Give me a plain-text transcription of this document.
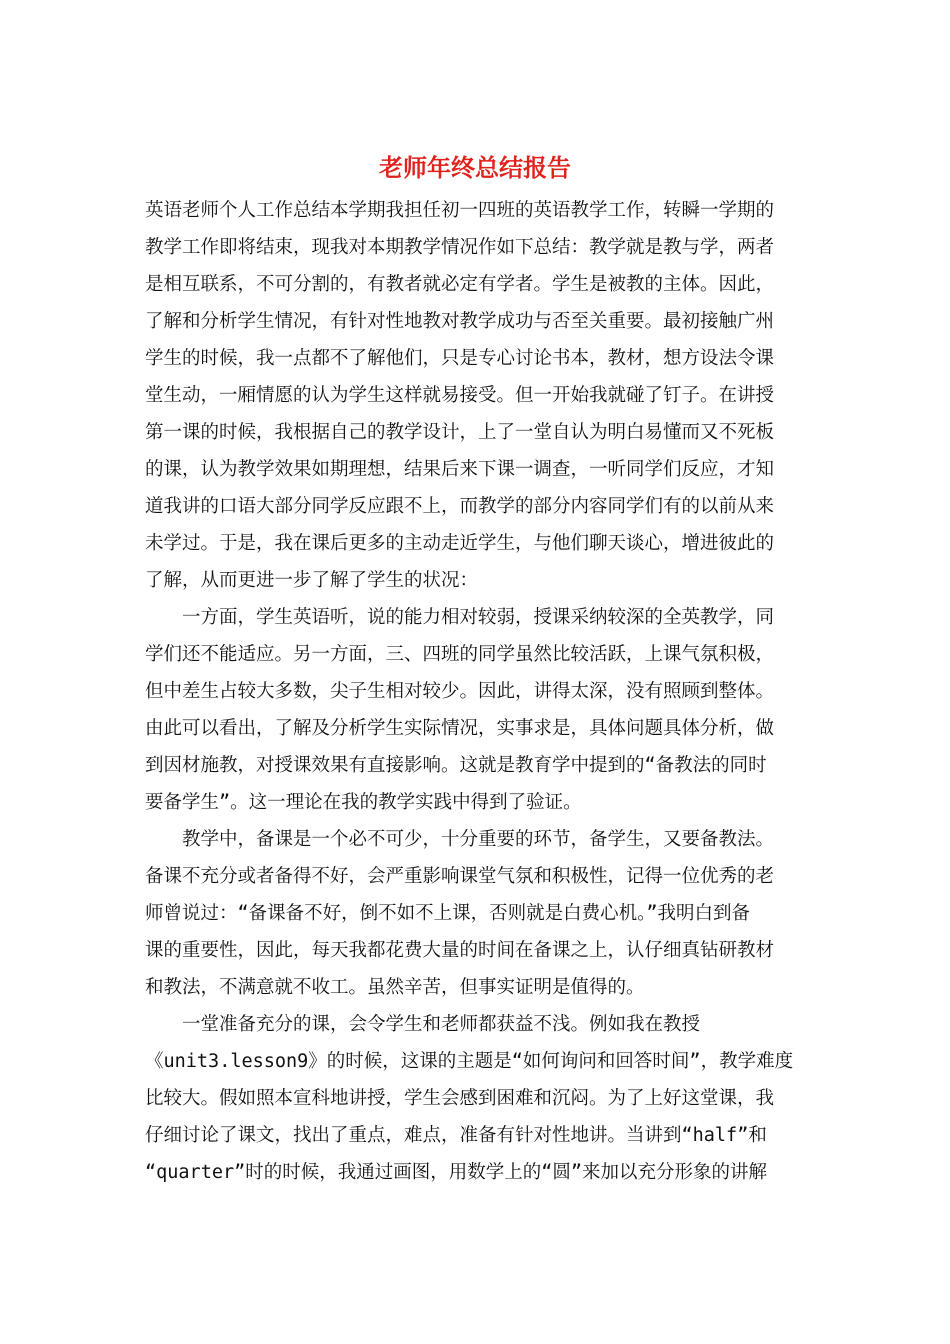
老师年终总结报告
英语老师个人工作总结本学期我担任初一四班的英语教学工作，转瞬一学期的
教学工作即将结束，现我对本期教学情况作如下总结：教学就是教与学，两者
是相互联系，不可分割的，有教者就必定有学者。学生是被教的主体。因此，
了解和分析学生情况，有针对性地教对教学成功与否至关重要。最初接触广州
学生的时候，我一点都不了解他们，只是专心讨论书本，教材，想方设法令课
堂生动，一厢情愿的认为学生这样就易接受。但一开始我就碰了钉子。在讲授
第一课的时候，我根据自己的教学设计，上了一堂自认为明白易懂而又不死板
的课，认为教学效果如期理想，结果后来下课一调查，一听同学们反应，才知
道我讲的口语大部分同学反应跟不上，而教学的部分内容同学们有的以前从来
未学过。于是，我在课后更多的主动走近学生，与他们聊天谈心，增进彼此的
了解，从而更进一步了解了学生的状况：
一方面，学生英语听，说的能力相对较弱，授课采纳较深的全英教学，同
学们还不能适应。另一方面，三、四班的同学虽然比较活跃，上课气氛积极，
但中差生占较大多数，尖子生相对较少。因此，讲得太深，没有照顾到整体。
由此可以看出，了解及分析学生实际情况，实事求是，具体问题具体分析，做
到因材施教，对授课效果有直接影响。这就是教育学中提到的“备教法的同时
要备学生”。这一理论在我的教学实践中得到了验证。
教学中，备课是一个必不可少，十分重要的环节，备学生，又要备教法。
备课不充分或者备得不好，会严重影响课堂气氛和积极性，记得一位优秀的老
师曾说过：“备课备不好，倒不如不上课，否则就是白费心机。”我明白到备
课的重要性，因此，每天我都花费大量的时间在备课之上，认仔细真钻研教材
和教法，不满意就不收工。虽然辛苦，但事实证明是值得的。
一堂准备充分的课，会令学生和老师都获益不浅。例如我在教授
《unit3.lesson9》的时候，这课的主题是“如何询问和回答时间”，教学难度
比较大。假如照本宣科地讲授，学生会感到困难和沉闷。为了上好这堂课，我
仔细讨论了课文，找出了重点，难点，准备有针对性地讲。当讲到“half”和
“quarter”时的时候，我通过画图，用数学上的“圆”来加以充分形象的讲解
